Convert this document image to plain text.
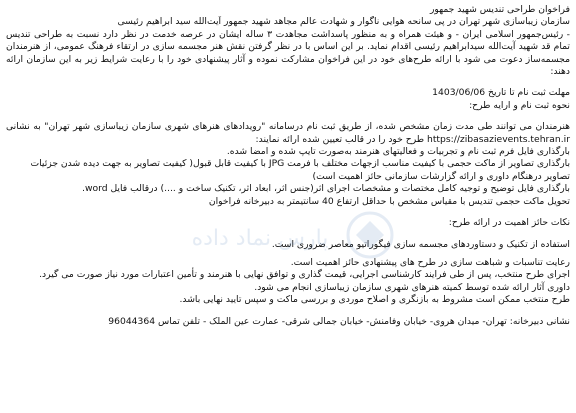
پارس نماد داده
فراخوان طراحی تندیس شهید جمهور
سازمان زیباسازی شهر تهران در پی سانحه هوایی ناگوار و شهادت عالم مجاهد شهید جمهور آیت‌الله سید ابراهیم رئیسی
- رئیس‌جمهور اسلامی ایران - و هیئت همراه و به منظور پاسداشت مجاهدت ۳ ساله ایشان در عرصه خدمت در نظر دارد نسبت به طراحی تندیس تمام قد شهید آیت‌الله سیدابراهیم رئیسی اقدام نماید. بر این اساس با در نظر گرفتن نقش هنر مجسمه سازی در ارتقاء فرهنگ عمومی، از هنرمندان مجسمه‌ساز دعوت می شود با ارائه طرح‌های خود در این فراخوان مشارکت نموده و آثار پیشنهادی خود را با رعایت شرایط زیر به این سازمان ارائه دهند:
مهلت ثبت نام تا تاریخ 1403/06/06
نحوه ثبت نام و ارایه طرح:
هنرمندان می توانند طی مدت زمان مشخص شده، از طریق ثبت نام درسامانه "رویدادهای هنرهای شهری سازمان زیباسازی شهر تهران" به نشانی https://zibasazievents.tehran.ir طرح خود را در قالب تعیین شده ارائه نمایند:
بارگذاری فایل فرم ثبت نام و تجربیات و فعالیتهای هنرمند به‌صورت تایپ شده و امضا شده.
بارگذاری تصاویر از ماکت حجمی با کیفیت مناسب ازجهات مختلف با فرمت JPG با کیفیت قابل قبول( کیفیت تصاویر به جهت دیده شدن جزئیات تصاویر درهنگام داوری و ارائه گزارشات سازمانی حائز اهمیت است)
بارگذاری فایل توضیح و توجیه کامل مختصات و مشخصات اجرای اثر(جنس اثر، ابعاد اثر، تکنیک ساخت و ....) درقالب فایل word.
تحویل ماکت حجمی تندیس با مقیاس مشخص با حداقل ارتفاع 40 سانتیمتر به دبیرخانه فراخوان
نکات حائز اهمیت در ارائه طرح:
استفاده از تکنیک و دستاوردهای مجسمه سازی فیگوراتیو معاصر ضروری است.
رعایت تناسبات و شباهت سازی در طرح های پیشنهادی حائز اهمیت است.
اجرای طرح منتخب، پس از طی فرایند کارشناسی اجرایی، قیمت گذاری و توافق نهایی با هنرمند و تأمین اعتبارات مورد نیاز صورت می گیرد.
داوری آثار ارائه شده توسط کمیته هنرهای شهری سازمان زیباسازی انجام می شود.
طرح منتخب ممکن است مشروط به بازنگری و اصلاح موردی و بررسی ماکت و سپس تایید نهایی باشد.
نشانی دبیرخانه: تهران- میدان هروی- خیابان وفامنش- خیابان جمالی شرقی- عمارت عین الملک - تلفن تماس 96044364
